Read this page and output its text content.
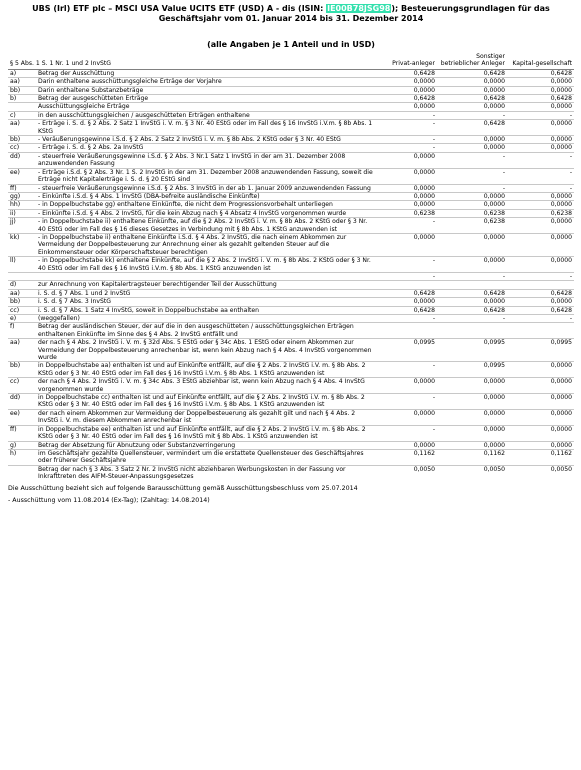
UBS (Irl) ETF plc – MSCI USA Value UCITS ETF (USD) A - dis (ISIN: IE00B78JSG98); Besteuerungsgrundlagen für das Geschäftsjahr vom 01. Januar 2014 bis 31. Dezember 2014
(alle Angaben je 1 Anteil und in USD)
§ 5 Abs. 1 S. 1 Nr. 1 und 2 InvStG		Privat-anleger	Sonstiger betrieblicher Anleger	Kapital-gesellschaft
a)	Betrag der Ausschüttung	0,6428	0,6428	0,6428
aa)	Darin enthaltene ausschüttungsgleiche Erträge der Vorjahre	0,0000	0,0000	0,0000
bb)	Darin enthaltene Substanzbeträge	0,0000	0,0000	0,0000
b)	Betrag der ausgeschütteten Erträge	0,6428	0,6428	0,6428
	Ausschüttungsgleiche Erträge	0,0000	0,0000	0,0000
c)	in den ausschüttungsgleichen / ausgeschütteten Erträgen enthaltene	-	-	-
aa)	- Erträge i. S. d. § 2 Abs. 2 Satz 1 InvStG i. V. m. § 3 Nr. 40 EStG oder im Fall des § 16 InvStG i.V.m. § 8b Abs. 1 KStG	-	0,6428	0,0000
bb)	- Veräußerungsgewinne i.S.d. § 2 Abs. 2 Satz 2 InvStG i. V. m. § 8b Abs. 2 KStG oder § 3 Nr. 40 EStG	-	0,0000	0,0000
cc)	- Erträge i. S. d. § 2 Abs. 2a InvStG	-	0,0000	0,0000
dd)	- steuerfreie Veräußerungsgewinne i.S.d. § 2 Abs. 3 Nr.1 Satz 1 InvStG in der am 31. Dezember 2008 anzuwendenden Fassung	0,0000	-	-
ee)	- Erträge i.S.d. § 2 Abs. 3 Nr. 1 S. 2 InvStG in der am 31. Dezember 2008 anzuwendenden Fassung, soweit die Erträge nicht Kapitalerträge i. S. d. § 20 EStG sind	0,0000	-	-
ff)	- steuerfreie Veräußerungsgewinne i.S.d. § 2 Abs. 3 InvStG in der ab 1. Januar 2009 anzuwendenden Fassung	0,0000	-	-
gg)	- Einkünfte i.S.d. § 4 Abs. 1 InvStG (DBA-befreite ausländische Einkünfte)	0,0000	0,0000	0,0000
hh)	- in Doppelbuchstabe gg) enthaltene Einkünfte, die nicht dem Progressionsvorbehalt unterliegen	0,0000	0,0000	0,0000
ii)	- Einkünfte i.S.d. § 4 Abs. 2 InvStG, für die kein Abzug nach § 4 Absatz 4 InvStG vorgenommen wurde	0,6238	0,6238	0,6238
jj)	- in Doppelbuchstabe ii) enthaltene Einkünfte, auf die § 2 Abs. 2 InvStG i. V. m. § 8b Abs. 2 KStG oder § 3 Nr. 40 EStG oder im Fall des § 16 dieses Gesetzes in Verbindung mit § 8b Abs. 1 KStG anzuwenden ist	-	0,6238	0,0000
kk)	- in Doppelbuchstabe ii) enthaltene Einkünfte i.S.d. § 4 Abs. 2 InvStG, die nach einem Abkommen zur Vermeidung der Doppelbesteuerung zur Anrechnung einer als gezahlt geltenden Steuer auf die Einkommensteuer oder Körperschaftsteuer berechtigen	0,0000	0,0000	0,0000
ll)	- in Doppelbuchstabe kk) enthaltene Einkünfte, auf die § 2 Abs. 2 InvStG i. V. m. § 8b Abs. 2 KStG oder § 3 Nr. 40 EStG oder im Fall des § 16 InvStG i.V.m. § 8b Abs. 1 KStG anzuwenden ist	-	0,0000	0,0000
		-	-	-
d)	zur Anrechnung von Kapitalertragsteuer berechtigender Teil der Ausschüttung			
aa)	i. S. d. § 7 Abs. 1 und 2 InvStG	0,6428	0,6428	0,6428
bb)	i. S. d. § 7 Abs. 3 InvStG	0,0000	0,0000	0,0000
cc)	i. S. d. § 7 Abs. 1 Satz 4 InvStG, soweit in Doppelbuchstabe aa enthalten	0,6428	0,6428	0,6428
e)	(weggefallen)	-	-	-
f)	Betrag der ausländischen Steuer, der auf die in den ausgeschütteten / ausschüttungsgleichen Erträgen enthaltenen Einkünfte im Sinne des § 4 Abs. 2 InvStG entfällt und			
aa)	der nach § 4 Abs. 2 InvStG i. V. m. § 32d Abs. 5 EStG oder § 34c Abs. 1 EStG oder einem Abkommen zur Vermeidung der Doppelbesteuerung anrechenbar ist, wenn kein Abzug nach § 4 Abs. 4 InvStG vorgenommen wurde	0,0995	0,0995	0,0995
bb)	in Doppelbuchstabe aa) enthalten ist und auf Einkünfte entfällt, auf die § 2 Abs. 2 InvStG i.V. m. § 8b Abs. 2 KStG oder § 3 Nr. 40 EStG oder im Fall des § 16 InvStG i.V.m. § 8b Abs. 1 KStG anzuwenden ist	-	0,0995	0,0000
cc)	der nach § 4 Abs. 2 InvStG i. V. m. § 34c Abs. 3 EStG abziehbar ist, wenn kein Abzug nach § 4 Abs. 4 InvStG vorgenommen wurde	0,0000	0,0000	0,0000
dd)	in Doppelbuchstabe cc) enthalten ist und auf Einkünfte entfällt, auf die § 2 Abs. 2 InvStG i.V. m. § 8b Abs. 2 KStG oder § 3 Nr. 40 EStG oder im Fall des § 16 InvStG i.V.m. § 8b Abs. 1 KStG anzuwenden ist	-	0,0000	0,0000
ee)	der nach einem Abkommen zur Vermeidung der Doppelbesteuerung als gezahlt gilt und nach § 4 Abs. 2 InvStG i. V. m. diesem Abkommen anrechenbar ist	0,0000	0,0000	0,0000
ff)	in Doppelbuchstabe ee) enthalten ist und auf Einkünfte entfällt, auf die § 2 Abs. 2 InvStG i.V. m. § 8b Abs. 2 KStG oder § 3 Nr. 40 EStG oder im Fall des § 16 InvStG mit § 8b Abs. 1 KStG anzuwenden ist	-	0,0000	0,0000
g)	Betrag der Absetzung für Abnutzung oder Substanzverringerung	0,0000	0,0000	0,0000
h)	im Geschäftsjahr gezahlte Quellensteuer, vermindert um die erstattete Quellensteuer des Geschäftsjahres oder früherer Geschäftsjahre	0,1162	0,1162	0,1162
	Betrag der nach § 3 Abs. 3 Satz 2 Nr. 2 InvStG nicht abziehbaren Werbungskosten in der Fassung vor Inkrafttreten des AIFM-Steuer-Anpassungsgesetzes	0,0050	0,0050	0,0050
Die Ausschüttung bezieht sich auf folgende Barausschüttung gemäß Ausschüttungsbeschluss vom 25.07.2014
- Ausschüttung vom 11.08.2014 (Ex-Tag); (Zahltag: 14.08.2014)
